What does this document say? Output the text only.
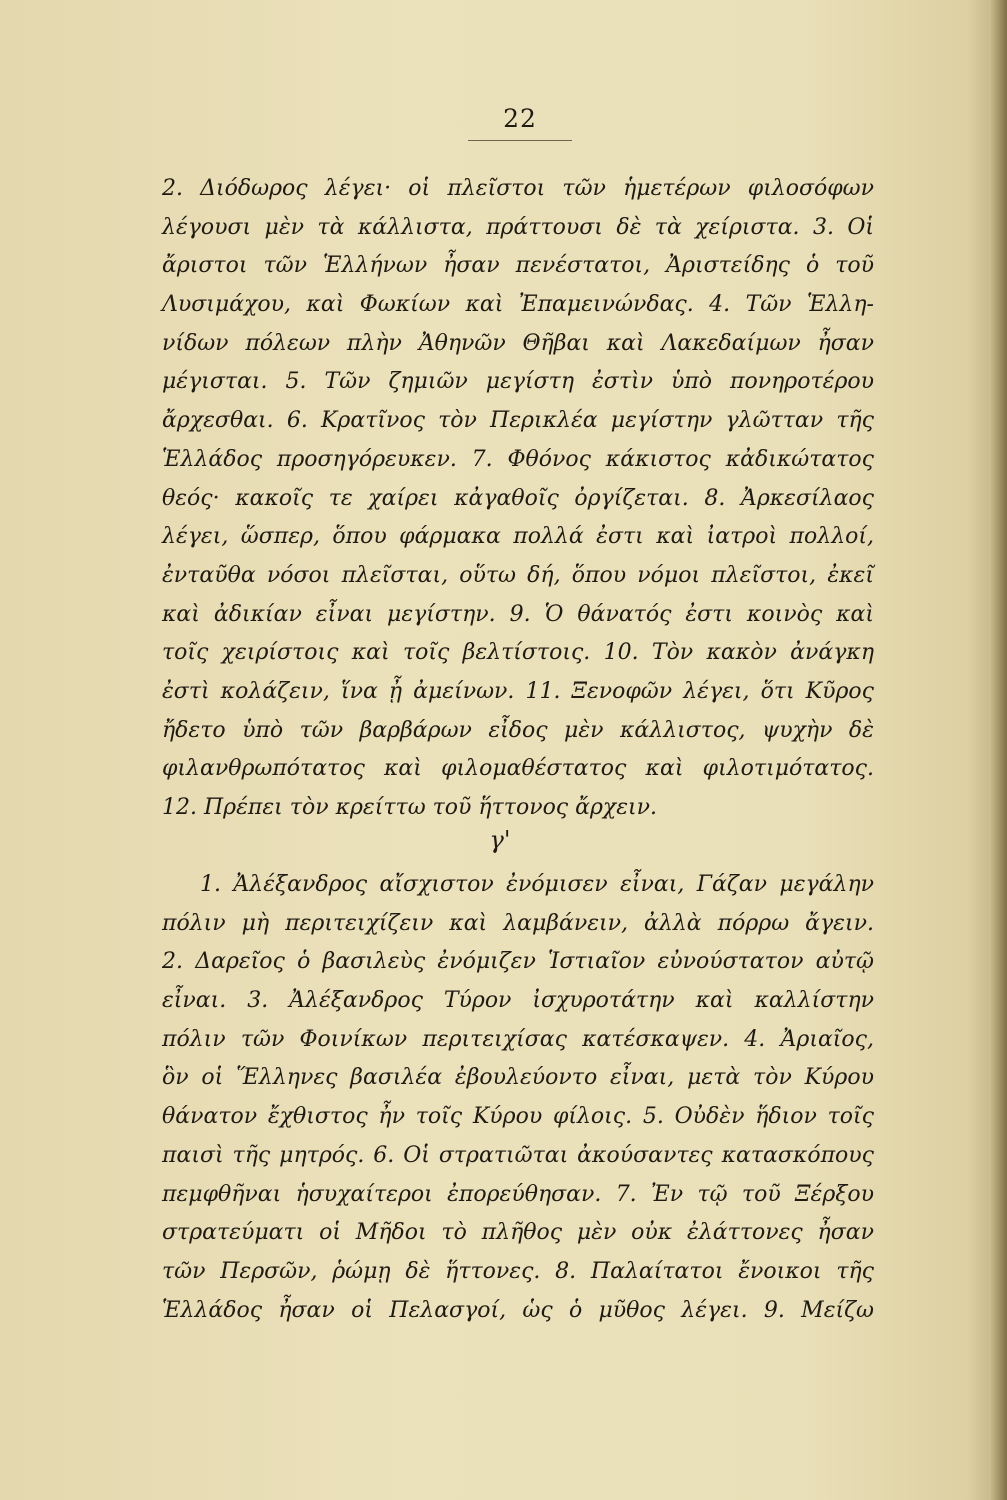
22
2. Διόδωρος λέγει· οἱ πλεῖστοι τῶν ἡμετέρων φιλοσόφων
λέγουσι μὲν τὰ κάλλιστα, πράττουσι δὲ τὰ χείριστα. 3. Οἱ
ἄριστοι τῶν Ἑλλήνων ἦσαν πενέστατοι, Ἀριστείδης ὁ τοῦ
Λυσιμάχου, καὶ Φωκίων καὶ Ἐπαμεινώνδας. 4. Τῶν Ἑλλη-
νίδων πόλεων πλὴν Ἀθηνῶν Θῆβαι καὶ Λακεδαίμων ἦσαν
μέγισται. 5. Τῶν ζημιῶν μεγίστη ἐστὶν ὑπὸ πονηροτέρου
ἄρχεσθαι. 6. Κρατῖνος τὸν Περικλέα μεγίστην γλῶτταν τῆς
Ἑλλάδος προσηγόρευκεν. 7. Φθόνος κάκιστος κἀδικώτατος
θεός· κακοῖς τε χαίρει κἀγαθοῖς ὀργίζεται. 8. Ἀρκεσίλαος
λέγει, ὥσπερ, ὅπου φάρμακα πολλά ἐστι καὶ ἰατροὶ πολλοί,
ἐνταῦθα νόσοι πλεῖσται, οὕτω δή, ὅπου νόμοι πλεῖστοι, ἐκεῖ
καὶ ἀδικίαν εἶναι μεγίστην. 9. Ὁ θάνατός ἐστι κοινὸς καὶ
τοῖς χειρίστοις καὶ τοῖς βελτίστοις. 10. Τὸν κακὸν ἀνάγκη
ἐστὶ κολάζειν, ἵνα ᾖ ἀμείνων. 11. Ξενοφῶν λέγει, ὅτι Κῦρος
ἤδετο ὑπὸ τῶν βαρβάρων εἶδος μὲν κάλλιστος, ψυχὴν δὲ
φιλανθρωπότατος καὶ φιλομαθέστατος καὶ φιλοτιμότατος.
12. Πρέπει τὸν κρείττω τοῦ ἥττονος ἄρχειν.
γ'
1. Ἀλέξανδρος αἴσχιστον ἐνόμισεν εἶναι, Γάζαν μεγάλην
πόλιν μὴ περιτειχίζειν καὶ λαμβάνειν, ἀλλὰ πόρρω ἄγειν.
2. Δαρεῖος ὁ βασιλεὺς ἐνόμιζεν Ἱστιαῖον εὐνούστατον αὐτῷ
εἶναι. 3. Ἀλέξανδρος Τύρον ἰσχυροτάτην καὶ καλλίστην
πόλιν τῶν Φοινίκων περιτειχίσας κατέσκαψεν. 4. Ἀριαῖος,
ὃν οἱ Ἕλληνες βασιλέα ἐβουλεύοντο εἶναι, μετὰ τὸν Κύρου
θάνατον ἔχθιστος ἦν τοῖς Κύρου φίλοις. 5. Οὐδὲν ἥδιον τοῖς
παισὶ τῆς μητρός. 6. Οἱ στρατιῶται ἀκούσαντες κατασκόπους
πεμφθῆναι ἡσυχαίτεροι ἐπορεύθησαν. 7. Ἐν τῷ τοῦ Ξέρξου
στρατεύματι οἱ Μῆδοι τὸ πλῆθος μὲν οὐκ ἐλάττονες ἦσαν
τῶν Περσῶν, ῥώμῃ δὲ ἥττονες. 8. Παλαίτατοι ἔνοικοι τῆς
Ἑλλάδος ἦσαν οἱ Πελασγοί, ὡς ὁ μῦθος λέγει. 9. Μείζω
